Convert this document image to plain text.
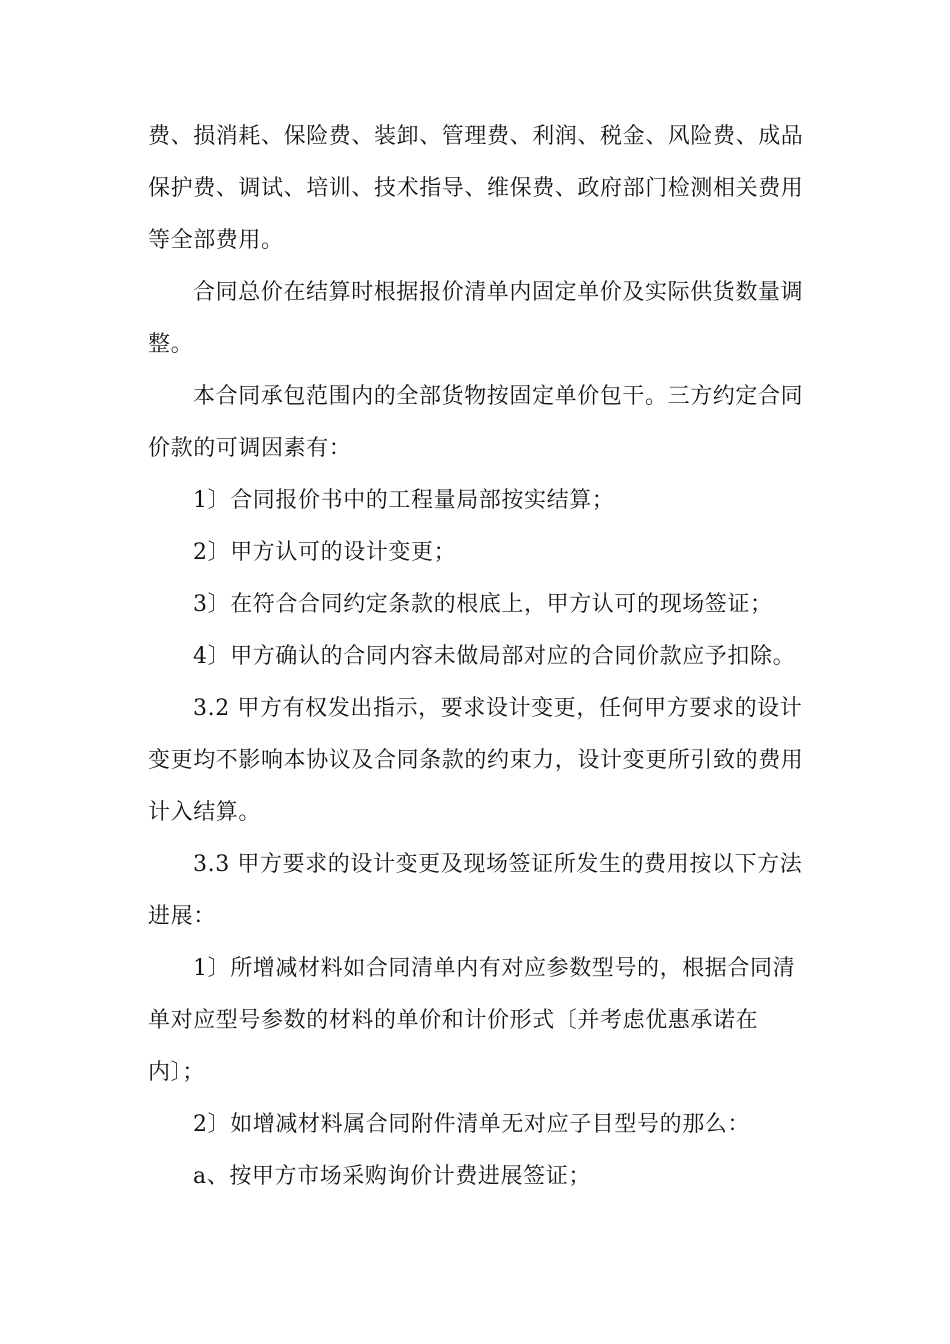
费、损消耗、保险费、装卸、管理费、利润、税金、风险费、成品
保护费、调试、培训、技术指导、维保费、政府部门检测相关费用
等全部费用。
合同总价在结算时根据报价清单内固定单价及实际供货数量调
整。
本合同承包范围内的全部货物按固定单价包干。三方约定合同
价款的可调因素有：
1〕合同报价书中的工程量局部按实结算；
2〕甲方认可的设计变更；
3〕在符合合同约定条款的根底上，甲方认可的现场签证；
4〕甲方确认的合同内容未做局部对应的合同价款应予扣除。
3.2 甲方有权发出指示，要求设计变更，任何甲方要求的设计
变更均不影响本协议及合同条款的约束力，设计变更所引致的费用
计入结算。
3.3 甲方要求的设计变更及现场签证所发生的费用按以下方法
进展：
1〕所增减材料如合同清单内有对应参数型号的，根据合同清
单对应型号参数的材料的单价和计价形式〔并考虑优惠承诺在
内〕；
2〕如增减材料属合同附件清单无对应子目型号的那么：
a、按甲方市场采购询价计费进展签证；
